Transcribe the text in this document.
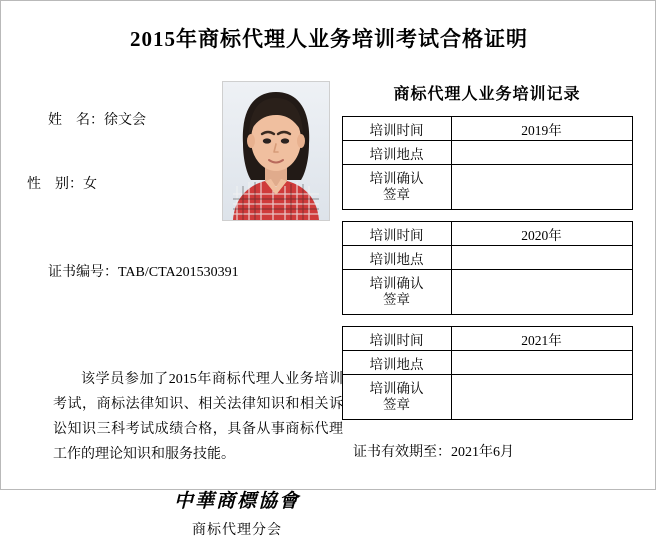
2015年商标代理人业务培训考试合格证明

姓    名：徐文会

性    别：女

证书编号：TAB/CTA201530391

该学员参加了2015年商标代理人业务培训考试，商标法律知识、相关法律知识和相关诉讼知识三科考试成绩合格，具备从事商标代理工作的理论知识和服务技能。
中華商標協會
商标代理分会
商标代理人业务培训记录
培训时间	2019年
培训地点	
培训确认
签章	
培训时间	2020年
培训地点	
培训确认
签章	
培训时间	2021年
培训地点	
培训确认
签章	
证书有效期至：2021年6月
